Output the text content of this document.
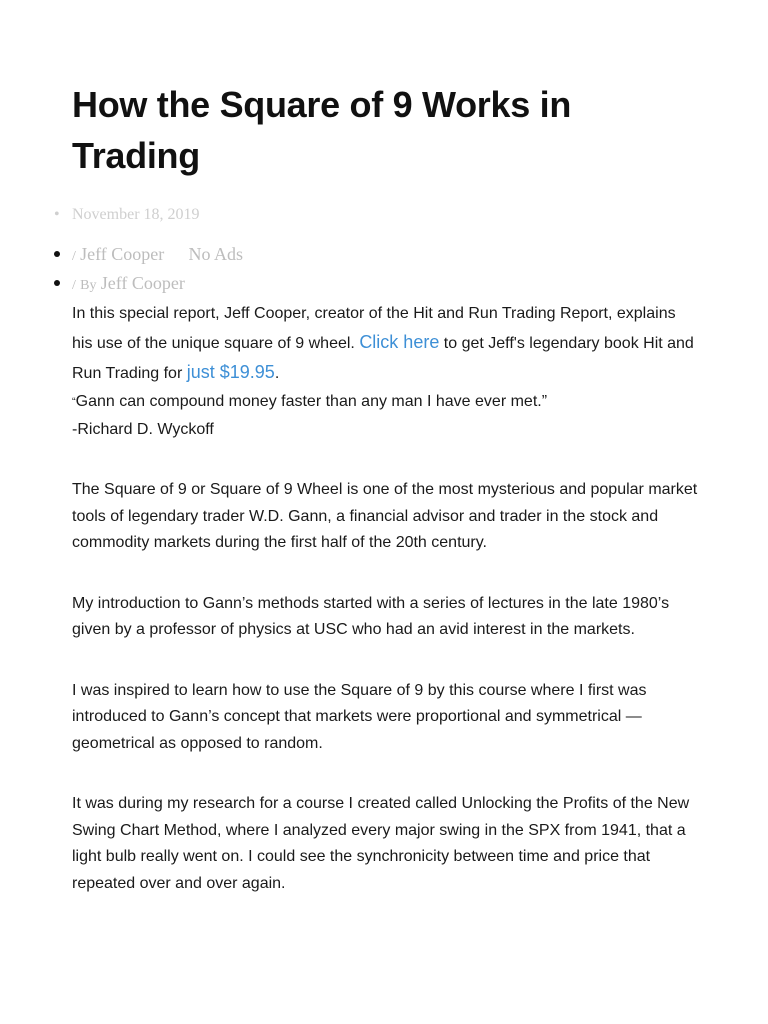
How the Square of 9 Works in Trading
• November 18, 2019
/ Jeff Cooper No Ads
/ By Jeff Cooper

In this special report, Jeff Cooper, creator of the Hit and Run Trading Report, explains his use of the unique square of 9 wheel. Click here to get Jeff's legendary book Hit and Run Trading for just $19.95.

“Gann can compound money faster than any man I have ever met.”

-Richard D. Wyckoff

The Square of 9 or Square of 9 Wheel is one of the most mysterious and popular market tools of legendary trader W.D. Gann, a financial advisor and trader in the stock and commodity markets during the first half of the 20th century.

My introduction to Gann’s methods started with a series of lectures in the late 1980’s given by a professor of physics at USC who had an avid interest in the markets.

I was inspired to learn how to use the Square of 9 by this course where I first was introduced to Gann’s concept that markets were proportional and symmetrical — geometrical as opposed to random.

It was during my research for a course I created called Unlocking the Profits of the New Swing Chart Method, where I analyzed every major swing in the SPX from 1941, that a light bulb really went on. I could see the synchronicity between time and price that repeated over and over again.
